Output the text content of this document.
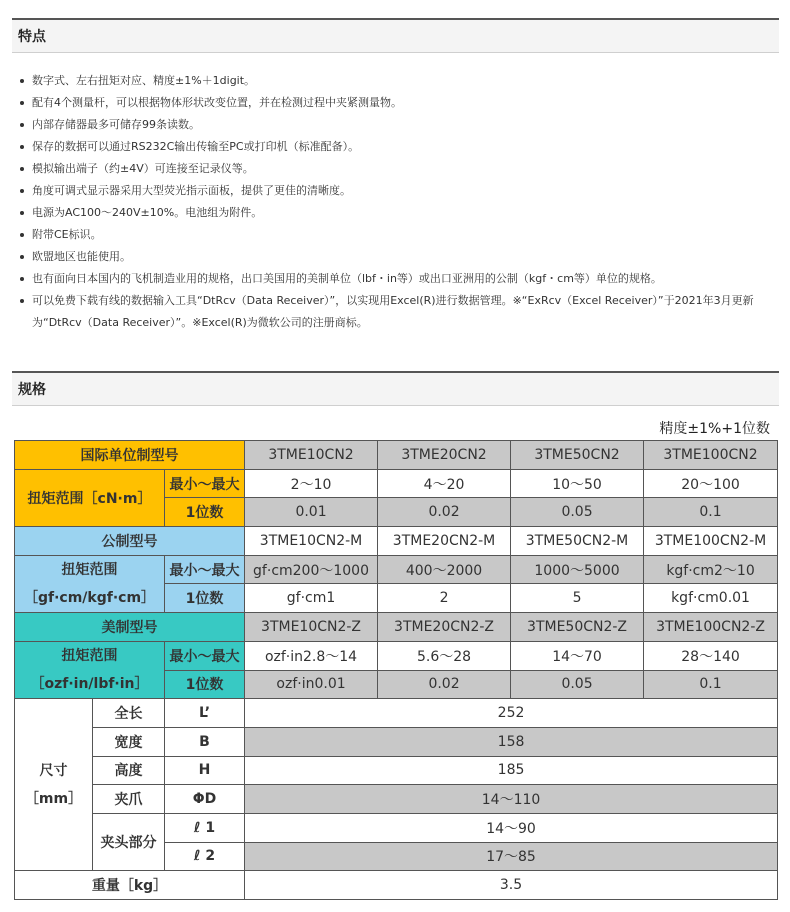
特点
数字式、左右扭矩对应、精度±1%＋1digit。
配有4个测量杆，可以根据物体形状改变位置，并在检测过程中夹紧测量物。
内部存储器最多可储存99条读数。
保存的数据可以通过RS232C输出传输至PC或打印机（标准配备）。
模拟输出端子（约±4V）可连接至记录仪等。
角度可调式显示器采用大型荧光指示面板，提供了更佳的清晰度。
电源为AC100～240V±10%。电池组为附件。
附带CE标识。
欧盟地区也能使用。
也有面向日本国内的飞机制造业用的规格，出口美国用的美制单位（lbf・in等）或出口亚洲用的公制（kgf・cm等）单位的规格。
可以免费下载有线的数据输入工具“DtRcv（Data Receiver）”，以实现用Excel(R)进行数据管理。※“ExRcv（Excel Receiver）”于2021年3月更新为“DtRcv（Data Receiver）”。※Excel(R)为微软公司的注册商标。
规格
精度±1%+1位数
国际单位制型号			3TME10CN2	3TME20CN2	3TME50CN2	3TME100CN2
扭矩范围［cN·m］		最小～最大	2～10	4～20	10～50	20～100
		1位数	0.01	0.02	0.05	0.1
公制型号			3TME10CN2-M	3TME20CN2-M	3TME50CN2-M	3TME100CN2-M

扭矩范围
［gf·cm/kgf·cm］		最小～最大	gf·cm200～1000	400～2000	1000～5000	kgf·cm2～10
		1位数	gf·cm1	2	5	kgf·cm0.01
美制型号			3TME10CN2-Z	3TME20CN2-Z	3TME50CN2-Z	3TME100CN2-Z

扭矩范围
［ozf·in/lbf·in］		最小～最大	ozf·in2.8～14	5.6～28	14～70	28～140
		1位数	ozf·in0.01	0.02	0.05	0.1

尺寸
［mm］	全长	L’	252			
	宽度	B	158			
	高度	H	185			
	夹爪	ΦD	14～110			
	夹头部分	ℓ 1	14～90			
		ℓ 2	17～85			
重量［kg］			3.5			
